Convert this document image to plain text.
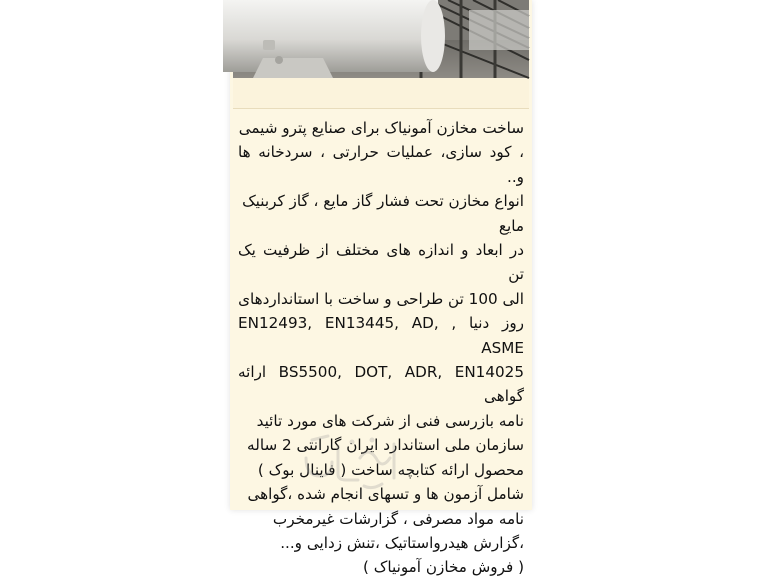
ساخت مخازن آمونیاک برای صنایع پترو شیمی

، کود سازی، عملیات حرارتی ، سردخانه ها و..

انواع مخازن تحت فشار گاز مایع ، گاز کربنیک

مایع

در ابعاد و اندازه های مختلف از ظرفیت یک تن

الی 100 تن طراحی و ساخت با استانداردهای

روز دنیا , EN12493, EN13445, AD, ASME

BS5500, DOT, ADR, EN14025 ارائه گواهی

نامه بازرسی فنی از شرکت های مورد تائید

سازمان ملی استاندارد ایران گارانتی 2 ساله

محصول ارائه کتابچه ساخت ( فاینال بوک )

شامل آزمون ها و تسهای انجام شده ،گواهی

نامه مواد مصرفی ، گزارشات غیرمخرب

،گزارش هیدرواستاتیک ،تنش زدایی و...

( فروش مخازن آمونیاک )
